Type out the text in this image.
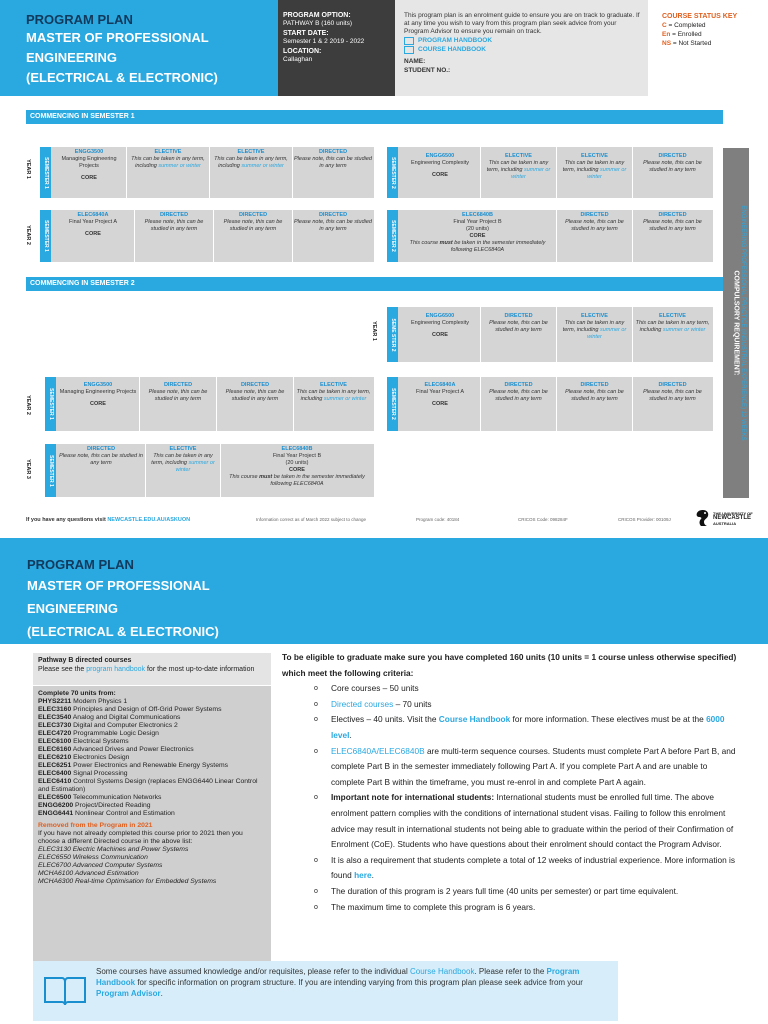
PROGRAM PLAN
MASTER OF PROFESSIONAL
ENGINEERING
(ELECTRICAL & ELECTRONIC)
PROGRAM OPTION:
PATHWAY B (160 units)
START DATE:
Semester 1 & 2 2019 - 2022
LOCATION:
Callaghan
This program plan is an enrolment guide to ensure you are on track to graduate. If at any time you wish to vary from this program plan seek advice from your Program Advisor to ensure you remain on track.
PROGRAM HANDBOOK
COURSE HANDBOOK
NAME:
STUDENT NO.:
COURSE STATUS KEY
C = Completed
En = Enrolled
NS = Not Started
COMMENCING IN SEMESTER 1
YEAR 1 SEMESTER 1
ENGG3500
Managing Engineering Projects
CORE
ELECTIVE
This can be taken in any term, including summer or winter
ELECTIVE
This can be taken in any term, including summer or winter
DIRECTED
Please note, this can be studied in any term	SEMESTER 2
ENGG6500
Engineering Complexity
CORE
ELECTIVE
This can be taken in any term, including summer or winter
ELECTIVE
This can be taken in any term, including summer or winter
DIRECTED
Please note, this can be studied in any term
YEAR 2 SEMESTER 1
ELEC6840A
Final Year Project A
CORE
DIRECTED
Please note, this can be studied in any term
DIRECTED
Please note, this can be studied in any term
DIRECTED
Please note, this can be studied in any term	SEMESTER 2
ELEC6840B
Final Year Project B
(20 units)
CORE
This course must be taken in the semester immediately following ELEC6840A
DIRECTED
Please note, this can be studied in any term
DIRECTED
Please note, this can be studied in any term
COMMENCING IN SEMESTER 2
YEAR 1	SEME STER 2
ENGG6500
Engineering Complexity
CORE
DIRECTED
Please note, this can be studied in any term
ELECTIVE
This can be taken in any term, including summer or winter
ELECTIVE
This can be taken in any term, including summer or winter
YEAR 2	SEMESTER 1
ENGG3500
Managing Engineering Projects
CORE
DIRECTED
Please note, this can be studied in any term
DIRECTED
Please note, this can be studied in any term
ELECTIVE
This can be taken in any term, including summer or winter	SEMESTER 2
ELEC6840A
Final Year Project A
CORE
DIRECTED
Please note, this can be studied in any term
DIRECTED
Please note, this can be studied in any term
DIRECTED
Please note, this can be studied in any term
YEAR 3	SEMESTER 1
DIRECTED
Please note, this can be studied in any term
ELECTIVE
This can be taken in any term, including summer or winter
ELEC6840B
Final Year Project B
(20 units)
CORE
This course must be taken in the semester immediately following ELEC6840A
COMPULSORY REQUIREMENT: ENGINEERING PROFESSIONAL PRACTICE (INDUSTRIAL EXPERIENCE) 12 WEEKS
If you have any questions visit NEWCASTLE.EDU.AU/ASKUON	Information correct as of March 2022 subject to change	Program code: 40184	CRICOS Code: 098284F	CRICOS Provider: 00109J
THE UNIVERSITY OF
NEWCASTLE
AUSTRALIA
PROGRAM PLAN
MASTER OF PROFESSIONAL
ENGINEERING
(ELECTRICAL & ELECTRONIC)
Pathway B directed courses
Please see the program handbook for the most up-to-date information
Complete 70 units from:
PHYS2211 Modern Physics 1
ELEC3160 Principles and Design of Off-Grid Power Systems
ELEC3540 Analog and Digital Communications
ELEC3730 Digital and Computer Electronics 2
ELEC4720 Programmable Logic Design
ELEC6100 Electrical Systems
ELEC6160 Advanced Drives and Power Electronics
ELEC6210 Electronics Design
ELEC6251 Power Electronics and Renewable Energy Systems
ELEC6400 Signal Processing
ELEC6410 Control Systems Design (replaces ENGG6440 Linear Control and Estimation)
ELEC6500 Telecommunication Networks
ENGG6200 Project/Directed Reading
ENGG6441 Nonlinear Control and Estimation
Removed from the Program in 2021
If you have not already completed this course prior to 2021 then you choose a different Directed course in the above list:
ELEC3130 Electric Machines and Power Systems
ELEC6550 Wireless Communication
ELEC6700 Advanced Computer Systems
MCHA6100 Advanced Estimation
MCHA6300 Real-time Optimisation for Embedded Systems
To be eligible to graduate make sure you have completed 160 units (10 units = 1 course unless otherwise specified) which meet the following criteria:
o Core courses – 50 units
o Directed courses – 70 units
o Electives – 40 units. Visit the Course Handbook for more information. These electives must be at the 6000 level.
o ELEC6840A/ELEC6840B are multi-term sequence courses. Students must complete Part A before Part B, and complete Part B in the semester immediately following Part A. If you complete Part A and are unable to complete Part B within the timeframe, you must re-enrol in and complete Part A again.
o Important note for international students: International students must be enrolled full time. The above enrolment pattern complies with the conditions of international student visas. Failing to follow this enrolment advice may result in international students not being able to graduate within the period of their Confirmation of Enrolment (CoE). Students who have questions about their enrolment should contact the Program Advisor.
o It is also a requirement that students complete a total of 12 weeks of industrial experience. More information is found here.
o The duration of this program is 2 years full time (40 units per semester) or part time equivalent.
o The maximum time to complete this program is 6 years.
Some courses have assumed knowledge and/or requisites, please refer to the individual Course Handbook. Please refer to the Program Handbook for specific information on program structure. If you are intending varying from this program plan please seek advice from your Program Advisor.
